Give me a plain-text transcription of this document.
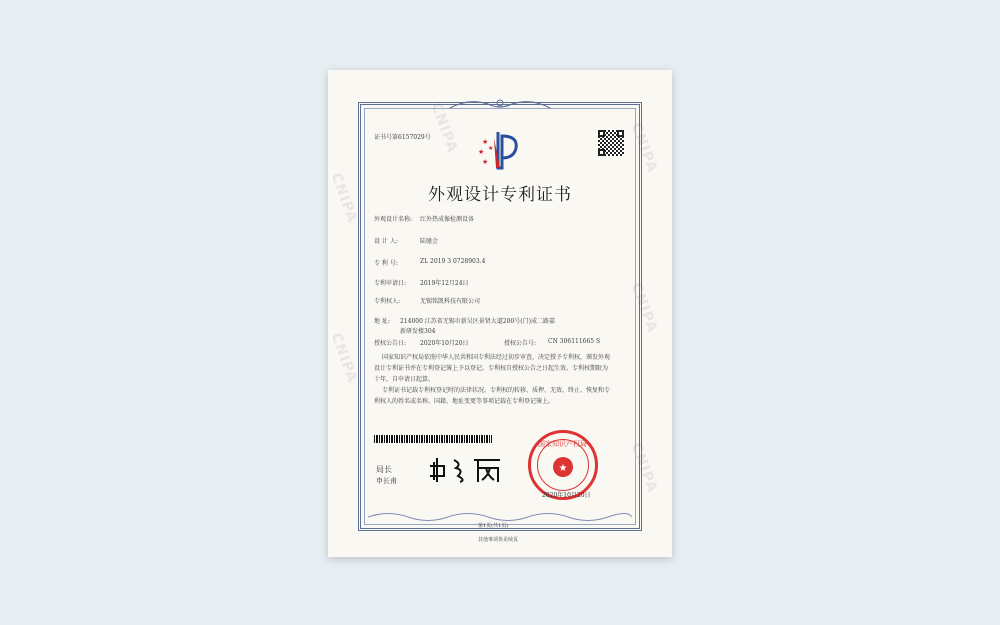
CNIPA
CNIPA	CNIPA
CNIPA
CNIPA
CNIPA
★
★
★
★
证书号第6157029号
外观设计专利证书
外观设计名称: 红外热成像检测设备
设 计 人:	陆驰会
专 利 号:	ZL 2019 3 0728903.4
专利申请日: 2019年12月24日
专利权人:	无锡铭凯科技有限公司
地 址: 214000 江苏省无锡市新吴区景贤大道200号(门)成二路嘉
新研发楼304
授权公告日: 2020年10月20日	授权公告号: CN 306111665 S
国家知识产权局依照中华人民共和国专利法经过初步审查，决定授予专利权，颁发外观
设计专利证书并在专利登记簿上予以登记。专利权自授权公告之日起生效。专利权期限为
十年，自申请日起算。
专利证书记载专利权登记时的法律状况。专利权的转移、质押、无效、终止、恢复和专
利权人的姓名或名称、国籍、地址变更等事项记载在专利登记簿上。
局长
申长甫
★
国家知识产权局
2020年10月20日
第1页(共1页)
其他事项参见续页
